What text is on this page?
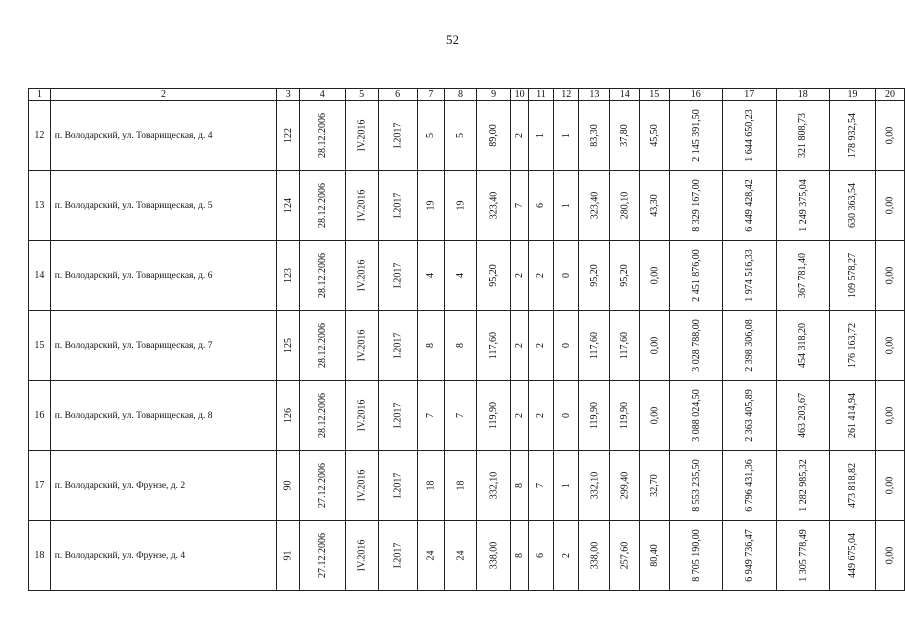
52
1	2	3	4	5	6	7	8	9	10	11	12	13	14	15	16	17	18	19	20
12	п. Володарский, ул. Товарищеская, д. 4	122	28.12.2006	IV.2016	I.2017	5	5	89,00	2	1	1	83,30	37,80	45,50	2 145 391,50	1 644 650,23	321 808,73	178 932,54	0,00
13	п. Володарский, ул. Товарищеская, д. 5	124	28.12.2006	IV.2016	I.2017	19	19	323,40	7	6	1	323,40	280,10	43,30	8 329 167,00	6 449 428,42	1 249 375,04	630 363,54	0,00
14	п. Володарский, ул. Товарищеская, д. 6	123	28.12.2006	IV.2016	I.2017	4	4	95,20	2	2	0	95,20	95,20	0,00	2 451 876,00	1 974 516,33	367 781,40	109 578,27	0,00
15	п. Володарский, ул. Товарищеская, д. 7	125	28.12.2006	IV.2016	I.2017	8	8	117,60	2	2	0	117,60	117,60	0,00	3 028 788,00	2 398 306,08	454 318,20	176 163,72	0,00
16	п. Володарский, ул. Товарищеская, д. 8	126	28.12.2006	IV.2016	I.2017	7	7	119,90	2	2	0	119,90	119,90	0,00	3 088 024,50	2 363 405,89	463 203,67	261 414,94	0,00
17	п. Володарский, ул. Фрунзе, д. 2	90	27.12.2006	IV.2016	I.2017	18	18	332,10	8	7	1	332,10	299,40	32,70	8 553 235,50	6 796 431,36	1 282 985,32	473 818,82	0,00
18	п. Володарский, ул. Фрунзе, д. 4	91	27.12.2006	IV.2016	I.2017	24	24	338,00	8	6	2	338,00	257,60	80,40	8 705 190,00	6 949 736,47	1 305 778,49	449 675,04	0,00
